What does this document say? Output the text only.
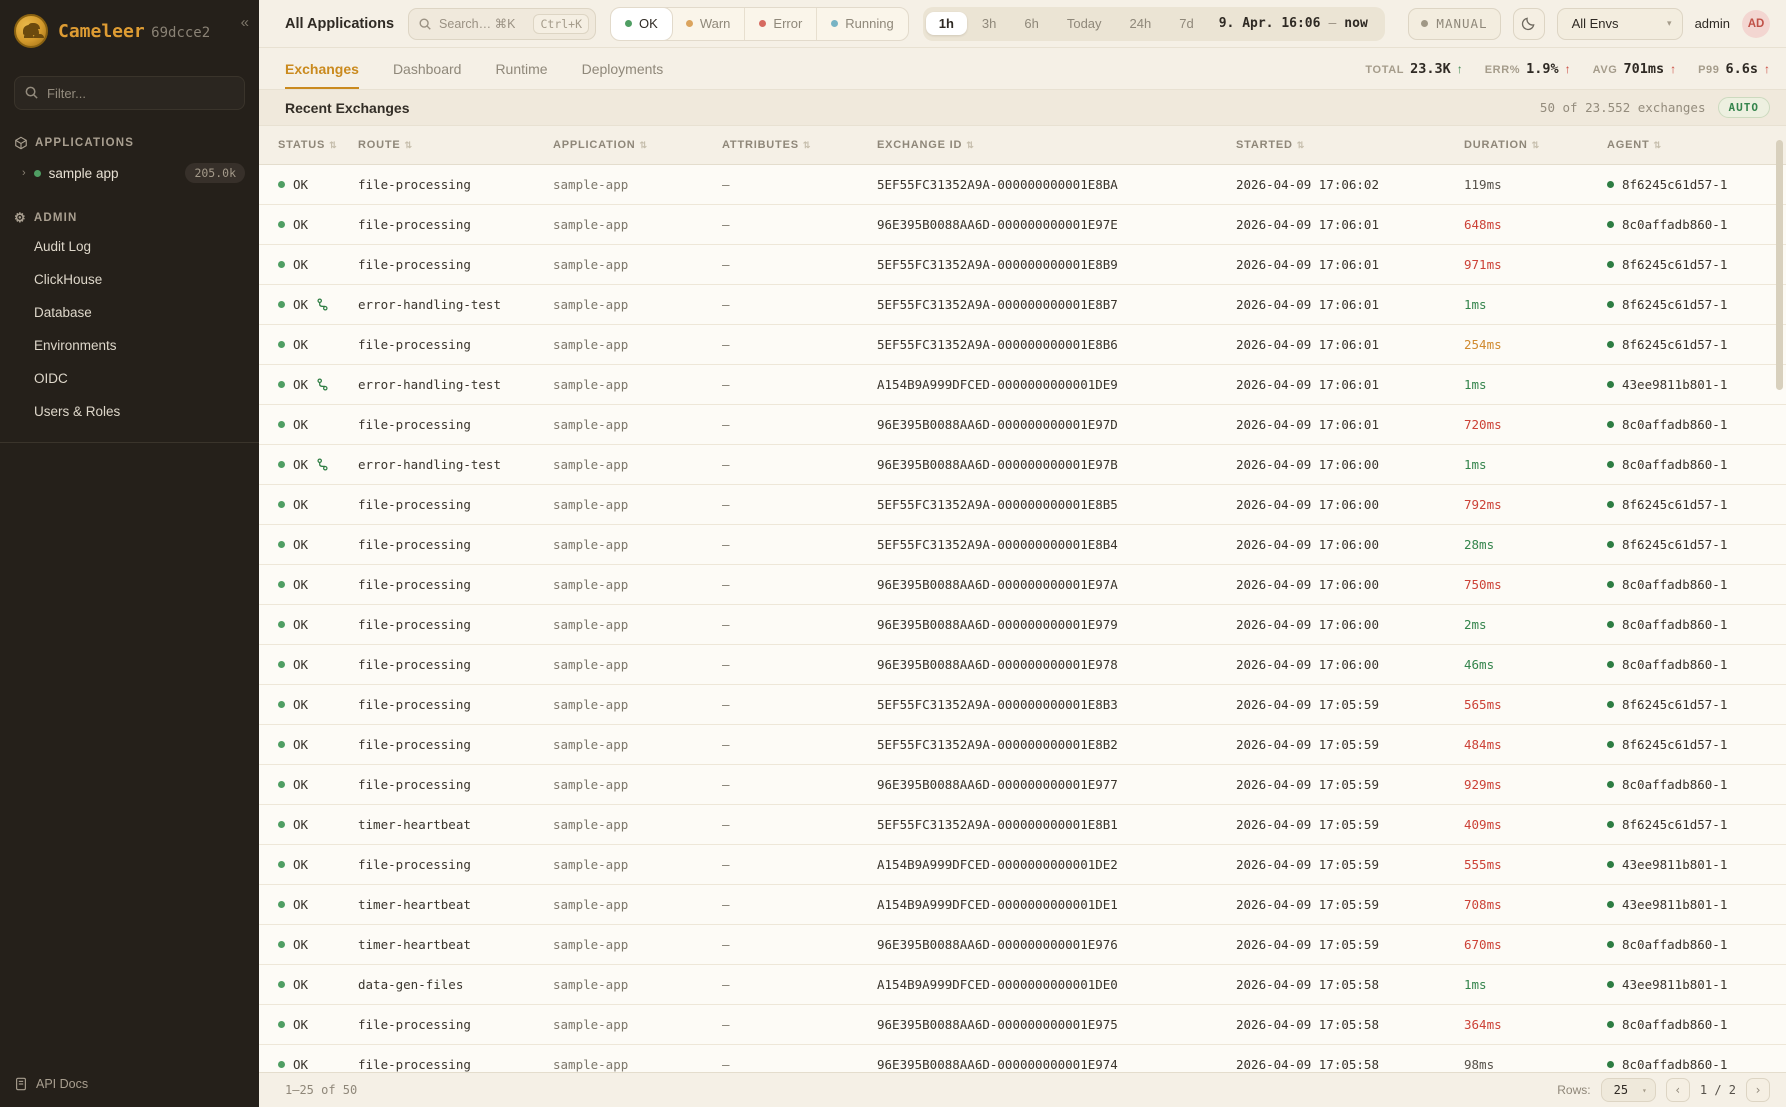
Cameleer 69dcce2
«
Filter...
APPLICATIONS
› sample app	205.0k
⚙ ADMIN
Audit Log
ClickHouse
Database
Environments
OIDC
Users & Roles
API Docs
All Applications	Search… ⌘K	Ctrl+K	OK	Warn	Error	Running	1h	3h	6h	Today	24h	7d	9. Apr. 16:06 — now	MANUAL	All Envs	▾ admin	AD
Exchanges Dashboard Runtime Deployments	TOTAL 23.3K ↑ ERR% 1.9% ↑ AVG 701ms ↑ P99 6.6s ↑
Recent Exchanges	50 of 23.552 exchanges	AUTO
STATUS ⇅	ROUTE ⇅	APPLICATION ⇅	ATTRIBUTES ⇅	EXCHANGE ID ⇅	STARTED ⇅	DURATION ⇅	AGENT ⇅
OK	file-processing	sample-app	—	5EF55FC31352A9A-000000000001E8BA	2026-04-09 17:06:02	119ms	8f6245c61d57-1
OK	file-processing	sample-app	—	96E395B0088AA6D-000000000001E97E	2026-04-09 17:06:01	648ms	8c0affadb860-1
OK	file-processing	sample-app	—	5EF55FC31352A9A-000000000001E8B9	2026-04-09 17:06:01	971ms	8f6245c61d57-1
OK	error-handling-test	sample-app	—	5EF55FC31352A9A-000000000001E8B7	2026-04-09 17:06:01	1ms	8f6245c61d57-1
OK	file-processing	sample-app	—	5EF55FC31352A9A-000000000001E8B6	2026-04-09 17:06:01	254ms	8f6245c61d57-1
OK	error-handling-test	sample-app	—	A154B9A999DFCED-0000000000001DE9	2026-04-09 17:06:01	1ms	43ee9811b801-1
OK	file-processing	sample-app	—	96E395B0088AA6D-000000000001E97D	2026-04-09 17:06:01	720ms	8c0affadb860-1
OK	error-handling-test	sample-app	—	96E395B0088AA6D-000000000001E97B	2026-04-09 17:06:00	1ms	8c0affadb860-1
OK	file-processing	sample-app	—	5EF55FC31352A9A-000000000001E8B5	2026-04-09 17:06:00	792ms	8f6245c61d57-1
OK	file-processing	sample-app	—	5EF55FC31352A9A-000000000001E8B4	2026-04-09 17:06:00	28ms	8f6245c61d57-1
OK	file-processing	sample-app	—	96E395B0088AA6D-000000000001E97A	2026-04-09 17:06:00	750ms	8c0affadb860-1
OK	file-processing	sample-app	—	96E395B0088AA6D-000000000001E979	2026-04-09 17:06:00	2ms	8c0affadb860-1
OK	file-processing	sample-app	—	96E395B0088AA6D-000000000001E978	2026-04-09 17:06:00	46ms	8c0affadb860-1
OK	file-processing	sample-app	—	5EF55FC31352A9A-000000000001E8B3	2026-04-09 17:05:59	565ms	8f6245c61d57-1
OK	file-processing	sample-app	—	5EF55FC31352A9A-000000000001E8B2	2026-04-09 17:05:59	484ms	8f6245c61d57-1
OK	file-processing	sample-app	—	96E395B0088AA6D-000000000001E977	2026-04-09 17:05:59	929ms	8c0affadb860-1
OK	timer-heartbeat	sample-app	—	5EF55FC31352A9A-000000000001E8B1	2026-04-09 17:05:59	409ms	8f6245c61d57-1
OK	file-processing	sample-app	—	A154B9A999DFCED-0000000000001DE2	2026-04-09 17:05:59	555ms	43ee9811b801-1
OK	timer-heartbeat	sample-app	—	A154B9A999DFCED-0000000000001DE1	2026-04-09 17:05:59	708ms	43ee9811b801-1
OK	timer-heartbeat	sample-app	—	96E395B0088AA6D-000000000001E976	2026-04-09 17:05:59	670ms	8c0affadb860-1
OK	data-gen-files	sample-app	—	A154B9A999DFCED-0000000000001DE0	2026-04-09 17:05:58	1ms	43ee9811b801-1
OK	file-processing	sample-app	—	96E395B0088AA6D-000000000001E975	2026-04-09 17:05:58	364ms	8c0affadb860-1
OK	file-processing	sample-app	—	96E395B0088AA6D-000000000001E974	2026-04-09 17:05:58	98ms	8c0affadb860-1
1–25 of 50	Rows: 25 ▾	‹	1 / 2	›
